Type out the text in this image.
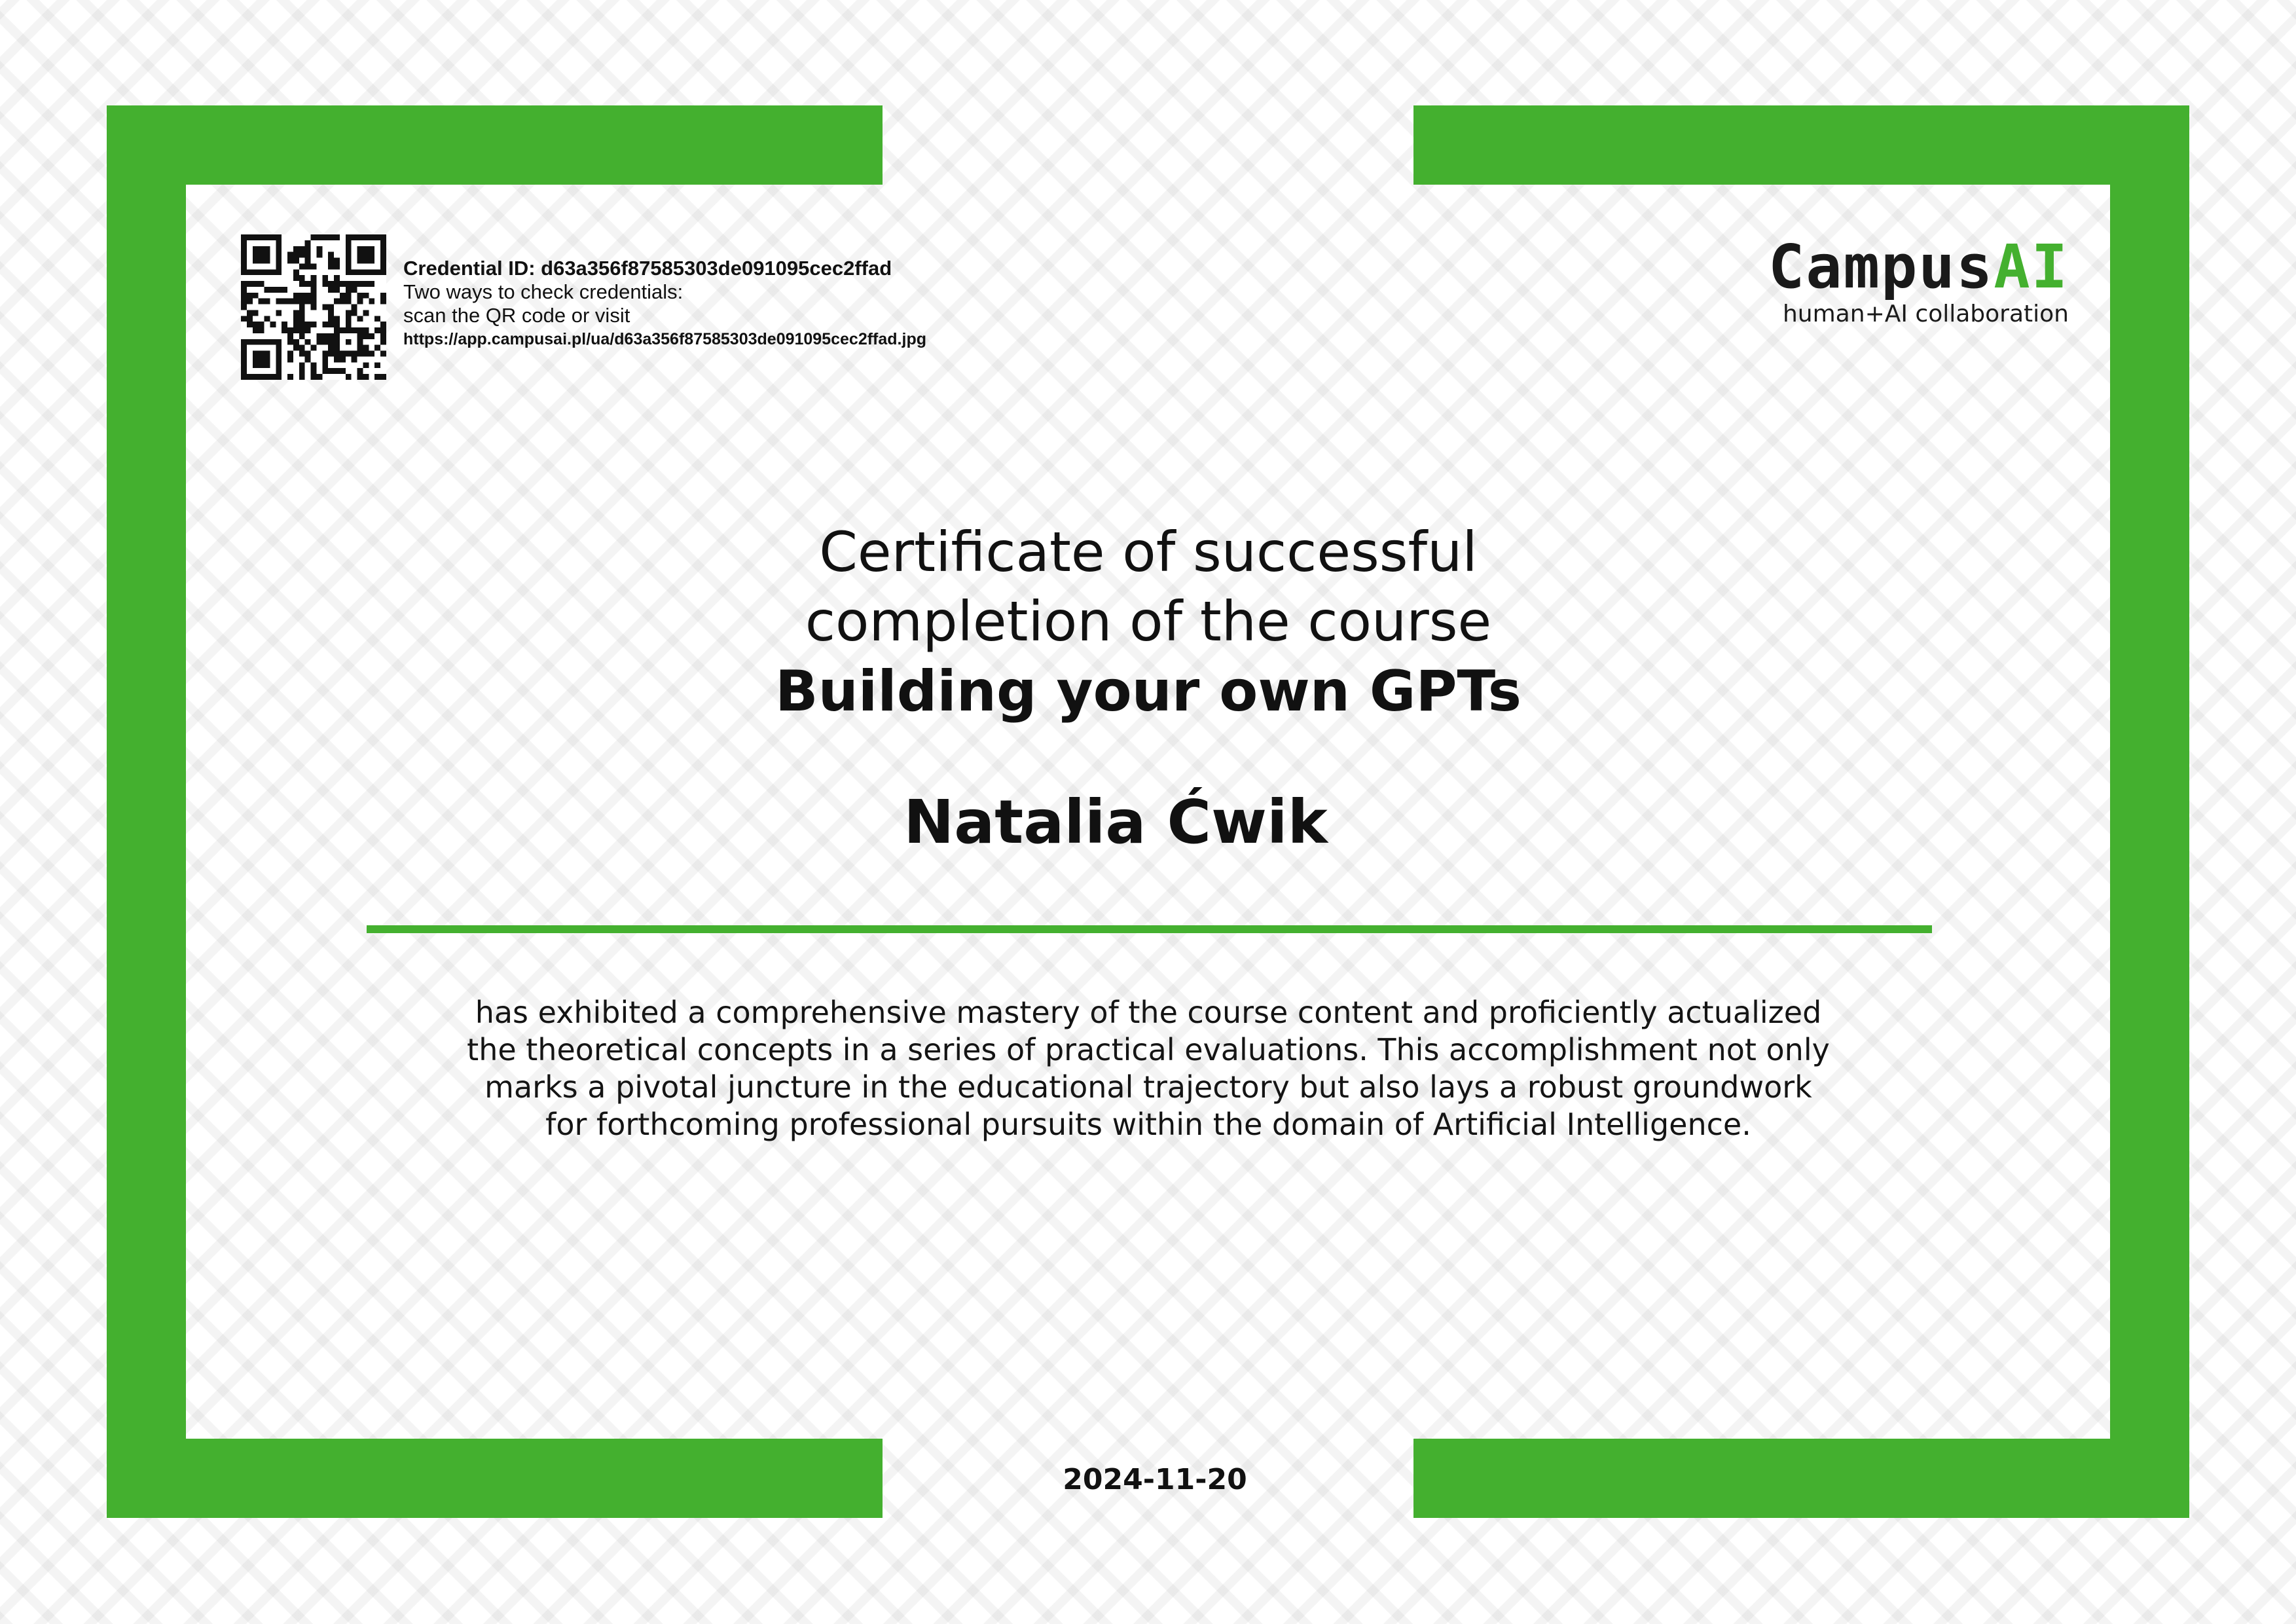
Credential ID: d63a356f87585303de091095cec2ffad
Two ways to check credentials:
scan the QR code or visit
https://app.campusai.pl/ua/d63a356f87585303de091095cec2ffad.jpg
CampusAI
human+AI collaboration
Certificate of successful
completion of the course
Building your own GPTs
Natalia Ćwik
has exhibited a comprehensive mastery of the course content and proficiently actualized
the theoretical concepts in a series of practical evaluations. This accomplishment not only
marks a pivotal juncture in the educational trajectory but also lays a robust groundwork
for forthcoming professional pursuits within the domain of Artificial Intelligence.
2024-11-20
